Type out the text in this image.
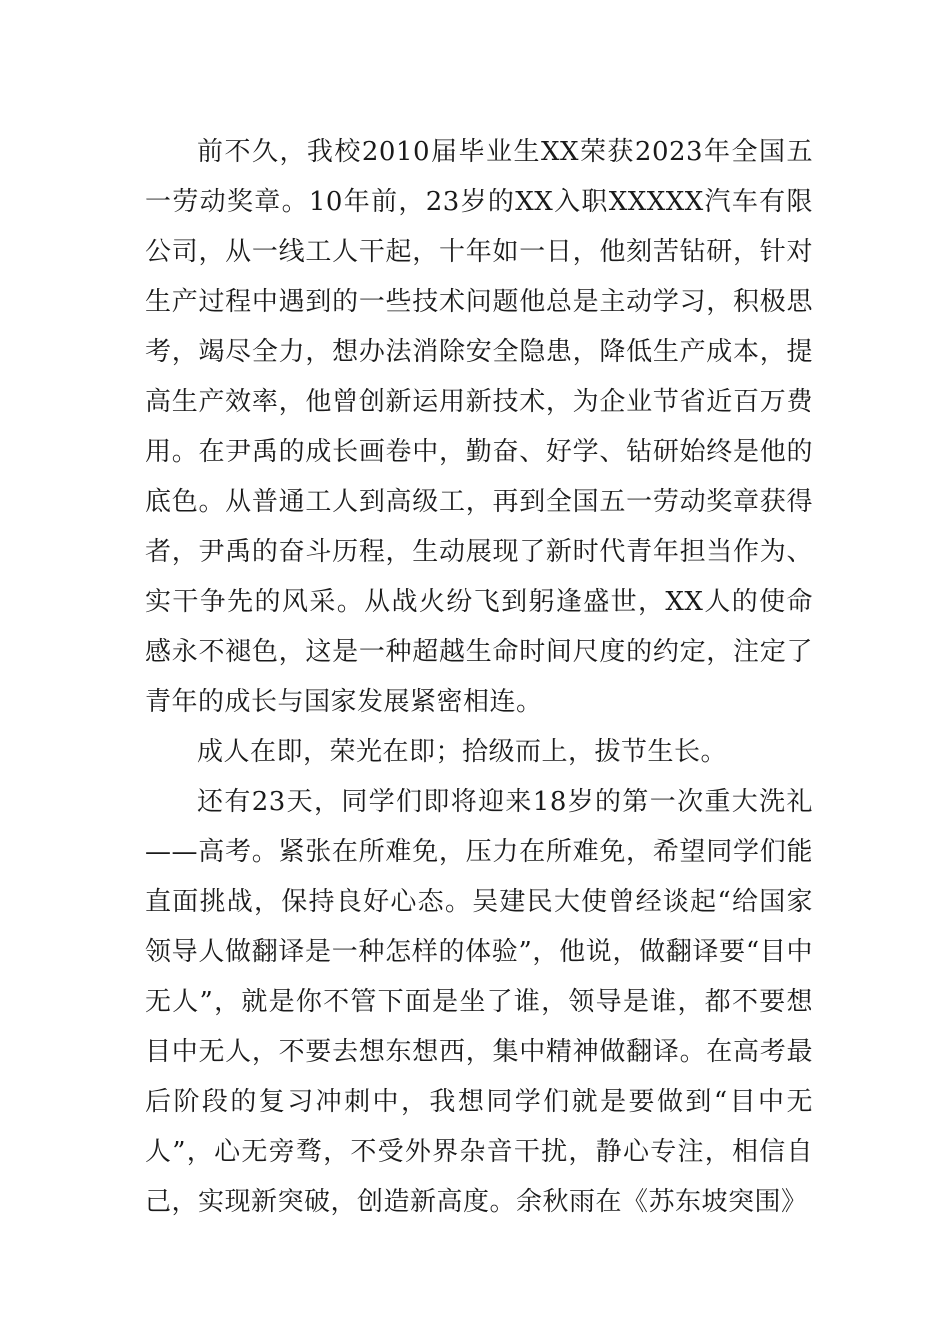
前不久，我校2010届毕业生XX荣获2023年全国五一劳动奖章。10年前，23岁的XX入职XXXXX汽车有限公司，从一线工人干起，十年如一日，他刻苦钻研，针对生产过程中遇到的一些技术问题他总是主动学习，积极思考，竭尽全力，想办法消除安全隐患，降低生产成本，提高生产效率，他曾创新运用新技术，为企业节省近百万费用。在尹禹的成长画卷中，勤奋、好学、钻研始终是他的底色。从普通工人到高级工，再到全国五一劳动奖章获得者，尹禹的奋斗历程，生动展现了新时代青年担当作为、实干争先的风采。从战火纷飞到躬逢盛世，XX人的使命感永不褪色，这是一种超越生命时间尺度的约定，注定了青年的成长与国家发展紧密相连。

成人在即，荣光在即；拾级而上，拔节生长。

还有23天，同学们即将迎来18岁的第一次重大洗礼——高考。紧张在所难免，压力在所难免，希望同学们能直面挑战，保持良好心态。吴建民大使曾经谈起“给国家领导人做翻译是一种怎样的体验”，他说，做翻译要“目中无人”，就是你不管下面是坐了谁，领导是谁，都不要想目中无人，不要去想东想西，集中精神做翻译。在高考最后阶段的复习冲刺中，我想同学们就是要做到“目中无人”，心无旁骛，不受外界杂音干扰，静心专注，相信自己，实现新突破，创造新高度。余秋雨在《苏东坡突围》
